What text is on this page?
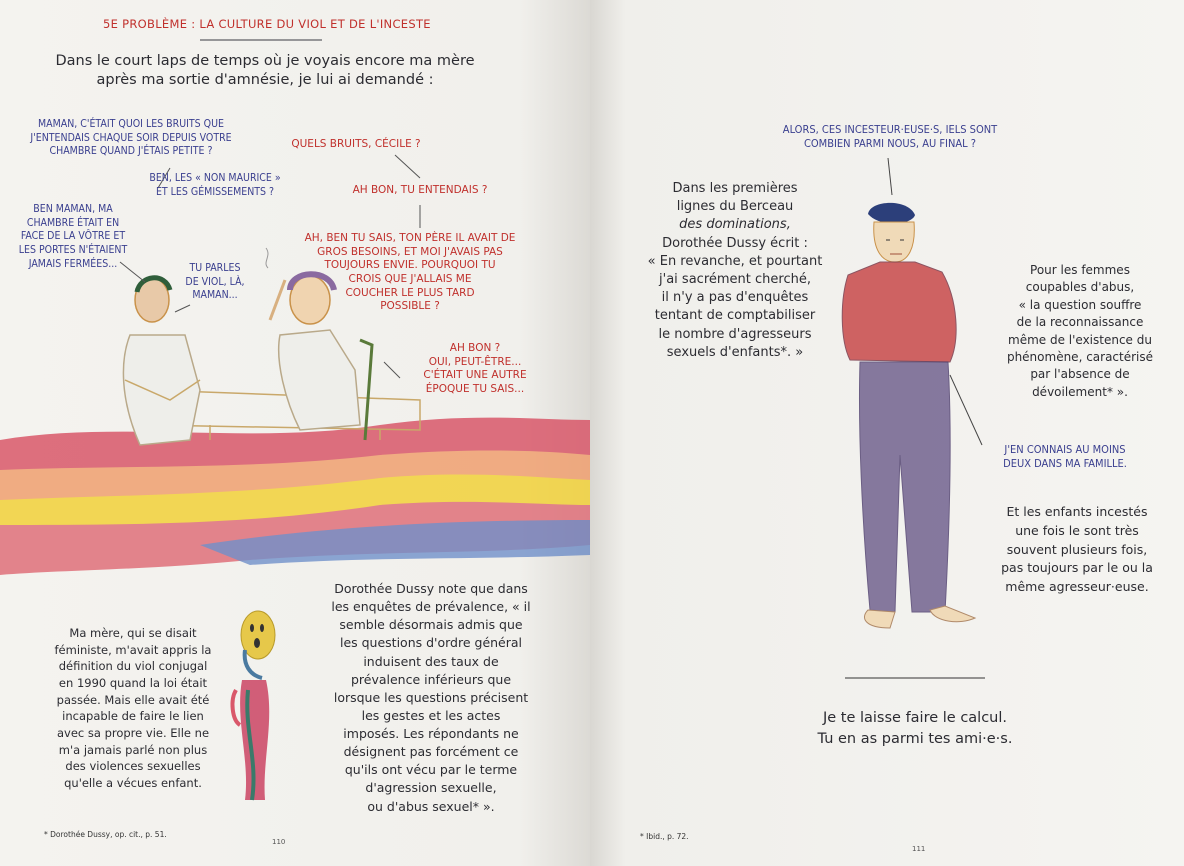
5E PROBLÈME : LA CULTURE DU VIOL ET DE L'INCESTE

Dans le court laps de temps où je voyais encore ma mère
après ma sortie d'amnésie, je lui ai demandé :
MAMAN, C'ÉTAIT QUOI LES BRUITS QUE
J'ENTENDAIS CHAQUE SOIR DEPUIS VOTRE
CHAMBRE QUAND J'ÉTAIS PETITE ?
QUELS BRUITS, CÉCILE ?
BEN, LES « NON MAURICE »
ET LES GÉMISSEMENTS ?	AH BON, TU ENTENDAIS ?
BEN MAMAN, MA
CHAMBRE ÉTAIT EN
FACE DE LA VÔTRE ET
LES PORTES N'ÉTAIENT
JAMAIS FERMÉES...
AH, BEN TU SAIS, TON PÈRE IL AVAIT DE
GROS BESOINS, ET MOI J'AVAIS PAS
TOUJOURS ENVIE. POURQUOI TU
CROIS QUE J'ALLAIS ME
COUCHER LE PLUS TARD
POSSIBLE ?
TU PARLES
DE VIOL, LÀ,
MAMAN...
AH BON ?
OUI, PEUT-ÊTRE...
C'ÉTAIT UNE AUTRE
ÉPOQUE TU SAIS...
Ma mère, qui se disait
féministe, m'avait appris la
définition du viol conjugal
en 1990 quand la loi était
passée. Mais elle avait été
incapable de faire le lien
avec sa propre vie. Elle ne
m'a jamais parlé non plus
des violences sexuelles
qu'elle a vécues enfant.
Dorothée Dussy note que dans
les enquêtes de prévalence, « il
semble désormais admis que
les questions d'ordre général
induisent des taux de
prévalence inférieurs que
lorsque les questions précisent
les gestes et les actes
imposés. Les répondants ne
désignent pas forcément ce
qu'ils ont vécu par le terme
d'agression sexuelle,
ou d'abus sexuel* ».

* Dorothée Dussy, op. cit., p. 51.

110

ALORS, CES INCESTEUR·EUSE·S, IELS SONT
COMBIEN PARMI NOUS, AU FINAL ?
Dans les premières
lignes du Berceau
des dominations,
Dorothée Dussy écrit :
« En revanche, et pourtant
j'ai sacrément cherché,
il n'y a pas d'enquêtes
tentant de comptabiliser
le nombre d'agresseurs
sexuels d'enfants*. »
Pour les femmes
coupables d'abus,
« la question souffre
de la reconnaissance
même de l'existence du
phénomène, caractérisé
par l'absence de
dévoilement* ».
J'EN CONNAIS AU MOINS
DEUX DANS MA FAMILLE.
Et les enfants incestés
une fois le sont très
souvent plusieurs fois,
pas toujours par le ou la
même agresseur·euse.
Je te laisse faire le calcul.
Tu en as parmi tes ami·e·s.

* Ibid., p. 72.

111
